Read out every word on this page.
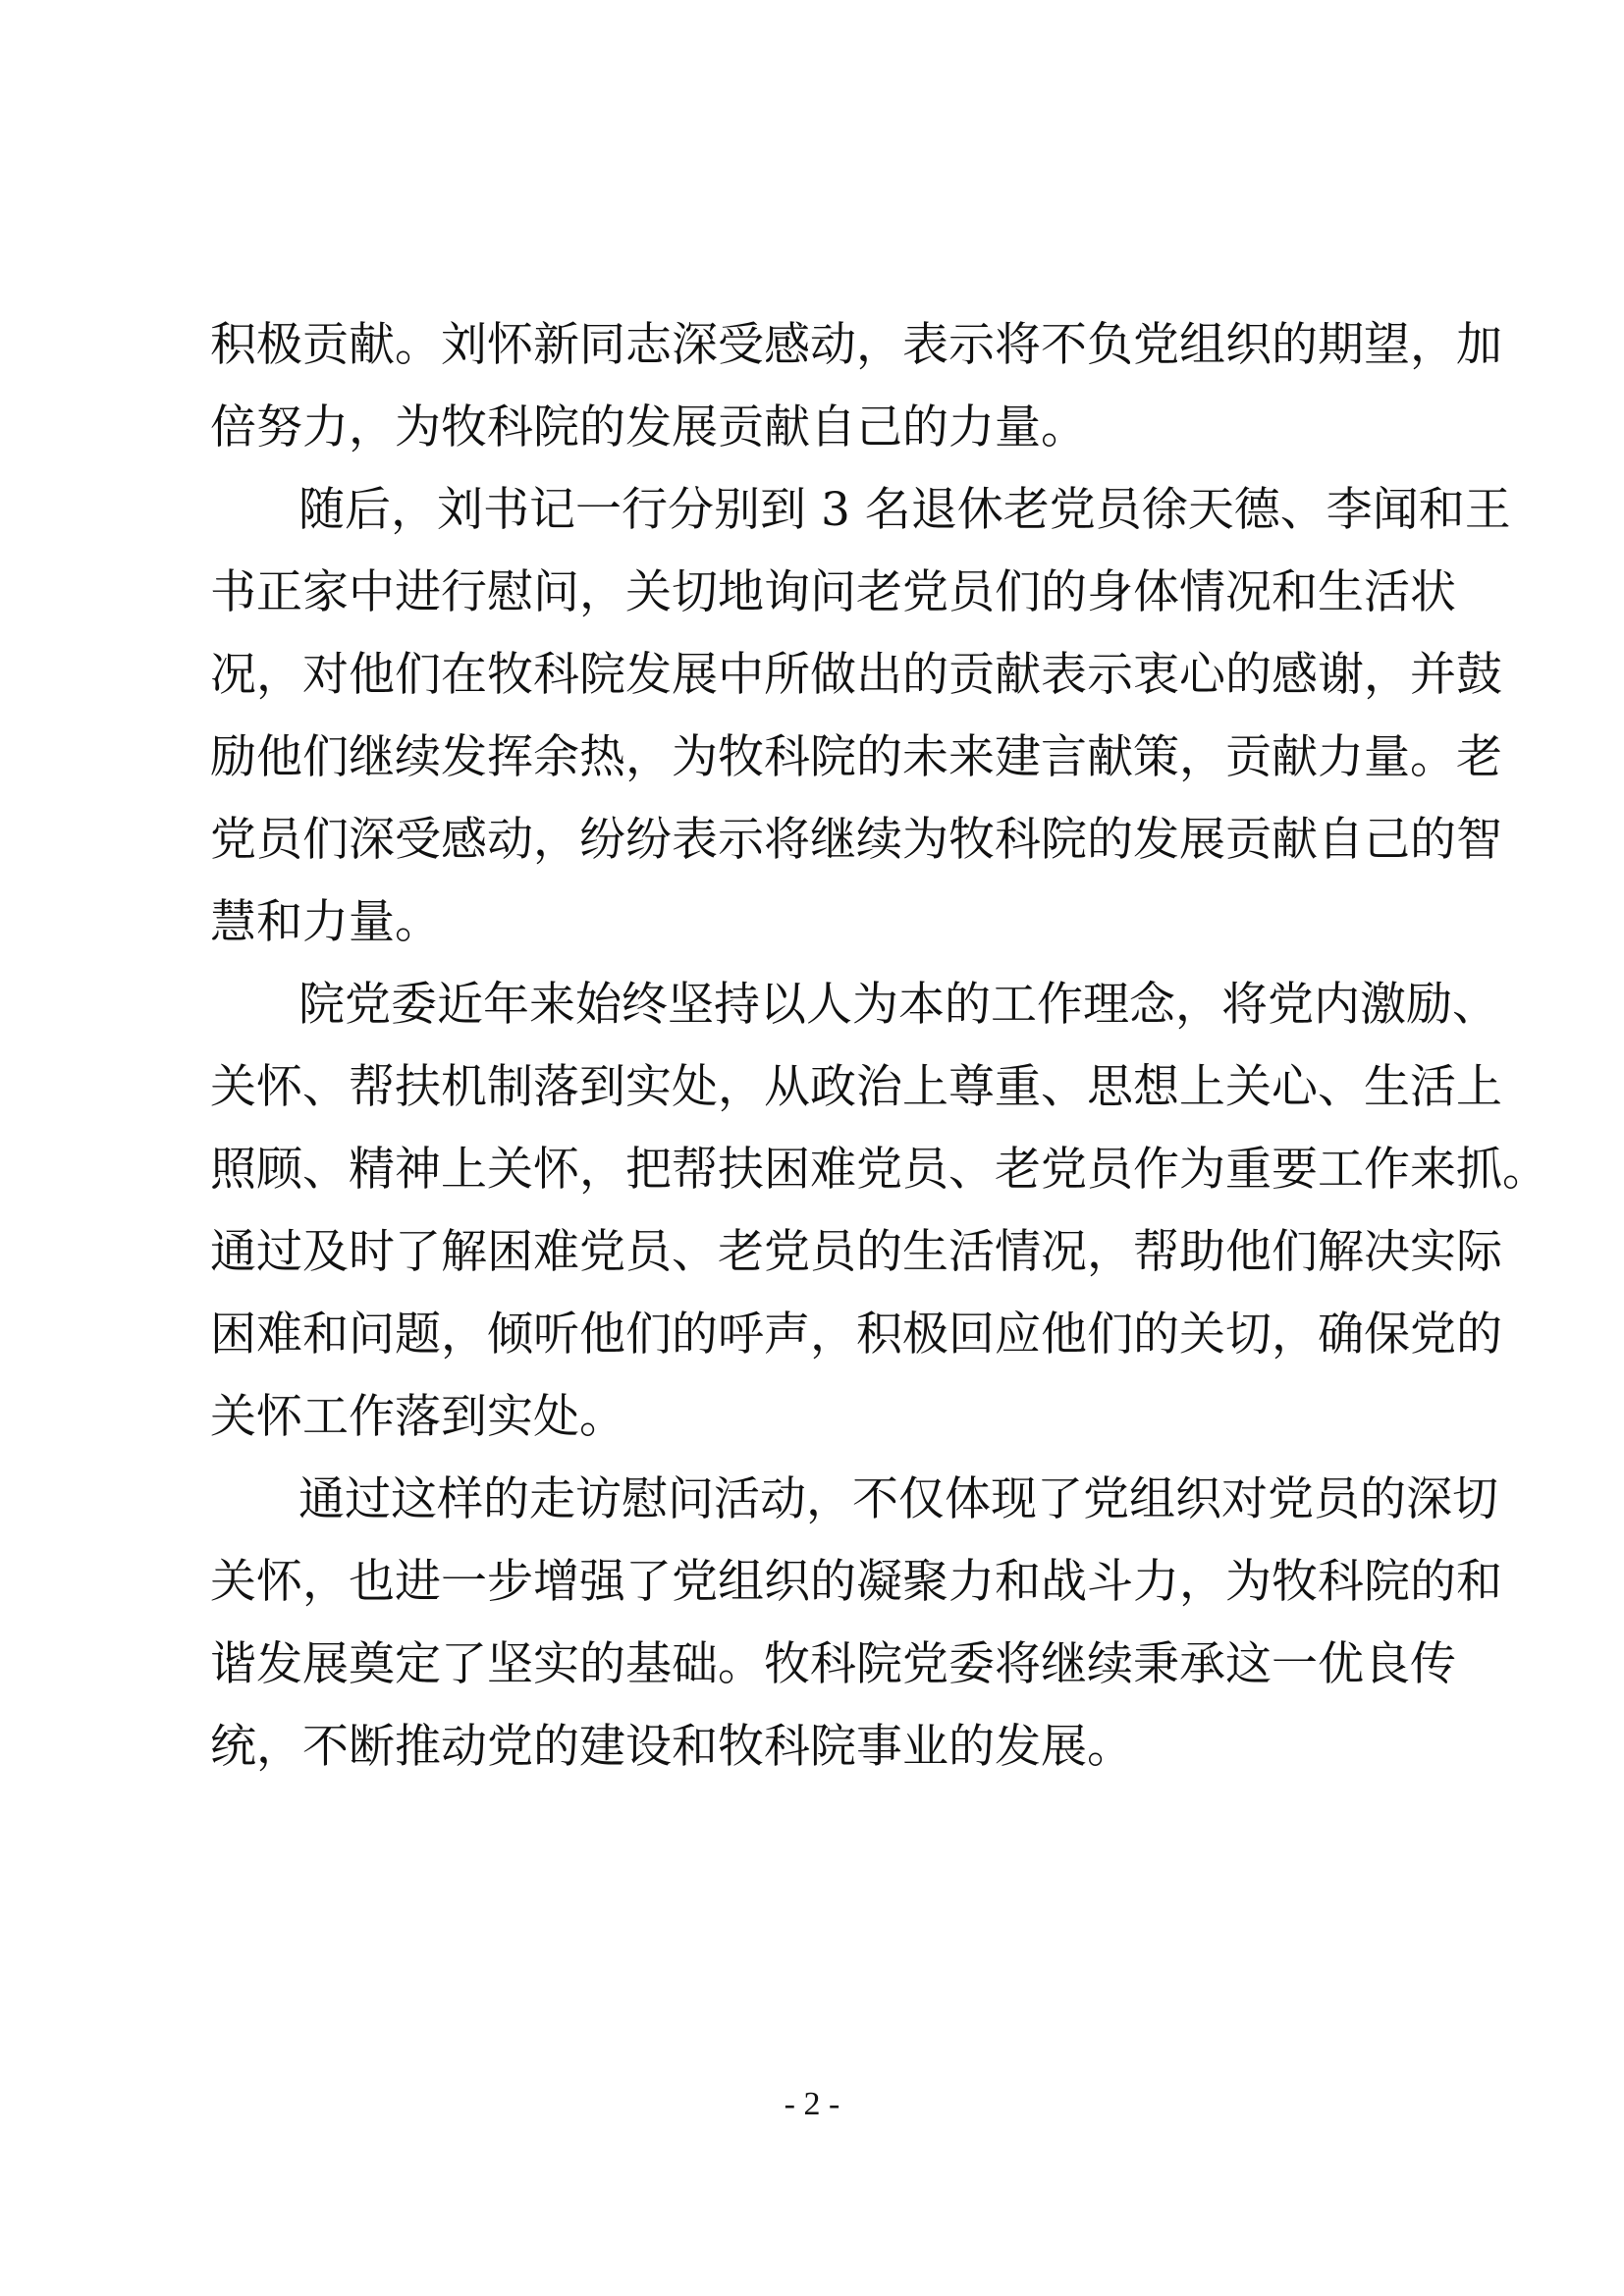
积极贡献。刘怀新同志深受感动，表示将不负党组织的期望，加
倍努力，为牧科院的发展贡献自己的力量。
随后，刘书记一行分别到 3 名退休老党员徐天德、李闻和王
书正家中进行慰问，关切地询问老党员们的身体情况和生活状
况，对他们在牧科院发展中所做出的贡献表示衷心的感谢，并鼓
励他们继续发挥余热，为牧科院的未来建言献策，贡献力量。老
党员们深受感动，纷纷表示将继续为牧科院的发展贡献自己的智
慧和力量。
院党委近年来始终坚持以人为本的工作理念，将党内激励、
关怀、帮扶机制落到实处，从政治上尊重、思想上关心、生活上
照顾、精神上关怀，把帮扶困难党员、老党员作为重要工作来抓。
通过及时了解困难党员、老党员的生活情况，帮助他们解决实际
困难和问题，倾听他们的呼声，积极回应他们的关切，确保党的
关怀工作落到实处。
通过这样的走访慰问活动，不仅体现了党组织对党员的深切
关怀，也进一步增强了党组织的凝聚力和战斗力，为牧科院的和
谐发展奠定了坚实的基础。牧科院党委将继续秉承这一优良传
统，不断推动党的建设和牧科院事业的发展。
- 2 -
